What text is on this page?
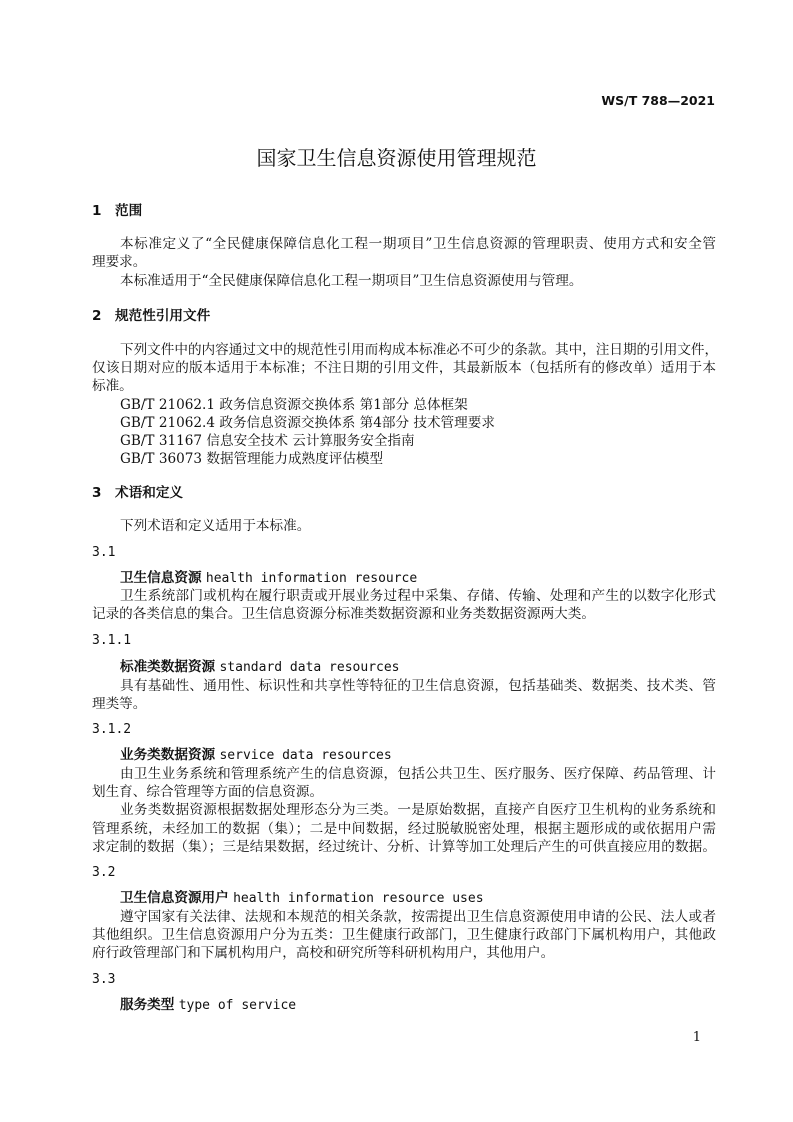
WS/T 788—2021
国家卫生信息资源使用管理规范
1　范围
本标准定义了“全民健康保障信息化工程一期项目”卫生信息资源的管理职责、使用方式和安全管
理要求。
本标准适用于“全民健康保障信息化工程一期项目”卫生信息资源使用与管理。
2　规范性引用文件
下列文件中的内容通过文中的规范性引用而构成本标准必不可少的条款。其中，注日期的引用文件，
仅该日期对应的版本适用于本标准；不注日期的引用文件，其最新版本（包括所有的修改单）适用于本
标准。
GB/T 21062.1 政务信息资源交换体系 第1部分 总体框架
GB/T 21062.4 政务信息资源交换体系 第4部分 技术管理要求
GB/T 31167 信息安全技术 云计算服务安全指南
GB/T 36073 数据管理能力成熟度评估模型
3　术语和定义
下列术语和定义适用于本标准。
3.1
卫生信息资源 health information resource
卫生系统部门或机构在履行职责或开展业务过程中采集、存储、传输、处理和产生的以数字化形式
记录的各类信息的集合。卫生信息资源分标准类数据资源和业务类数据资源两大类。
3.1.1
标准类数据资源 standard data resources
具有基础性、通用性、标识性和共享性等特征的卫生信息资源，包括基础类、数据类、技术类、管
理类等。
3.1.2
业务类数据资源 service data resources
由卫生业务系统和管理系统产生的信息资源，包括公共卫生、医疗服务、医疗保障、药品管理、计
划生育、综合管理等方面的信息资源。
业务类数据资源根据数据处理形态分为三类。一是原始数据，直接产自医疗卫生机构的业务系统和
管理系统，未经加工的数据（集）；二是中间数据，经过脱敏脱密处理，根据主题形成的或依据用户需
求定制的数据（集）；三是结果数据，经过统计、分析、计算等加工处理后产生的可供直接应用的数据。
3.2
卫生信息资源用户 health information resource uses
遵守国家有关法律、法规和本规范的相关条款，按需提出卫生信息资源使用申请的公民、法人或者
其他组织。卫生信息资源用户分为五类：卫生健康行政部门，卫生健康行政部门下属机构用户，其他政
府行政管理部门和下属机构用户，高校和研究所等科研机构用户，其他用户。
3.3
服务类型 type of service
1
